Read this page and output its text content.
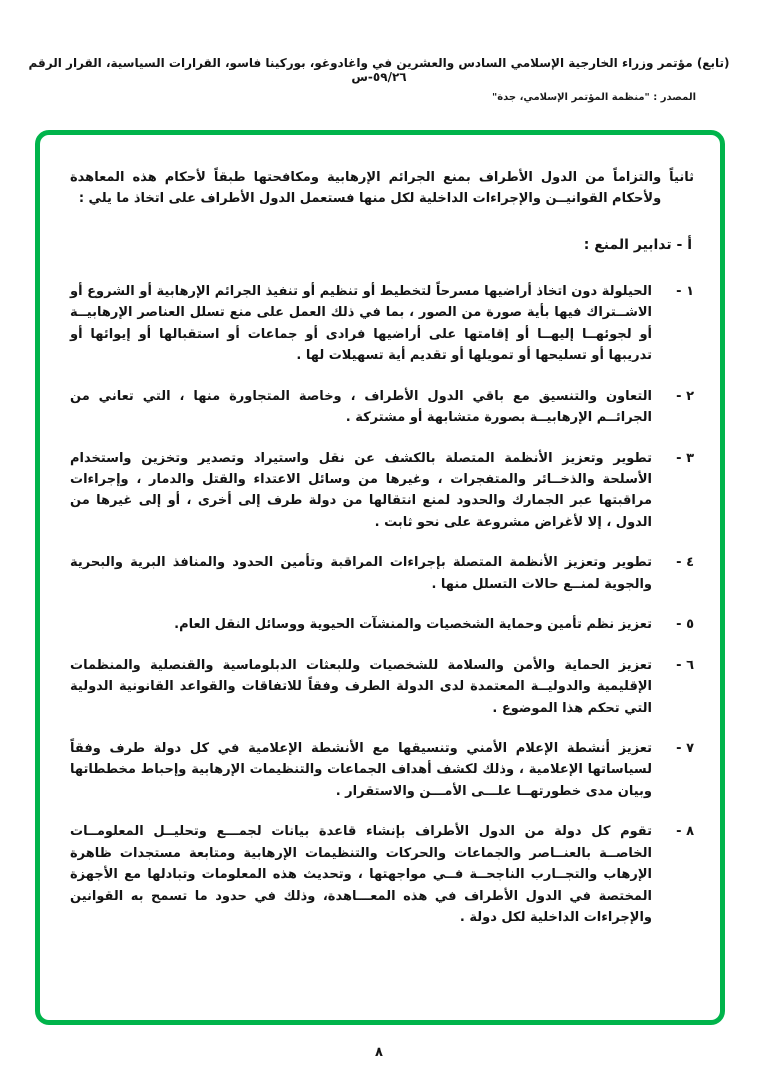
(تابع) مؤتمر وزراء الخارجية الإسلامي السادس والعشرين في واغادوغو، بوركينا فاسو، القرارات السياسية، القرار الرقم ٥٩/٢٦-س
المصدر : "منظمة المؤتمر الإسلامي، جدة"
ثانياً
والتزاماً من الدول الأطراف بمنع الجرائم الإرهابية ومكافحتها طبقاً لأحكام هذه المعاهدة ولأحكام القوانيــن والإجراءات الداخلية لكل منها فستعمل الدول الأطراف على اتخاذ ما يلي :
أ - تدابير المنع :
١ -
الحيلولة دون اتخاذ أراضيها مسرحاً لتخطيط أو تنظيم أو تنفيذ الجرائم الإرهابية أو الشروع أو الاشــتراك فيها بأية صورة من الصور ، بما في ذلك العمل على منع تسلل العناصر الإرهابيــة أو لجوئهــا إليهــا أو إقامتها على أراضيها فرادى أو جماعات أو استقبالها أو إيوائها أو تدريبها أو تسليحها أو تمويلها أو تقديم أية تسهيلات لها .
٢ -
التعاون والتنسيق مع باقي الدول الأطراف ، وخاصة المتجاورة منها ، التي تعاني من الجرائــم الإرهابيــة بصورة متشابهة أو مشتركة .
٣ -
تطوير وتعزيز الأنظمة المتصلة بالكشف عن نقل واستيراد وتصدير وتخزين واستخدام الأسلحة والذخــائر والمتفجرات ، وغيرها من وسائل الاعتداء والقتل والدمار ، وإجراءات مراقبتها عبر الجمارك والحدود لمنع انتقالها من دولة طرف إلى أخرى ، أو إلى غيرها من الدول ، إلا لأغراض مشروعة على نحو ثابت .
٤ -
تطوير وتعزيز الأنظمة المتصلة بإجراءات المراقبة وتأمين الحدود والمنافذ البرية والبحرية والجوية لمنــع حالات التسلل منها .
٥ -
تعزيز نظم تأمين وحماية الشخصيات والمنشآت الحيوية ووسائل النقل العام.
٦ -
تعزيز الحماية والأمن والسلامة للشخصيات وللبعثات الدبلوماسية والقنصلية والمنظمات الإقليمية والدوليــة المعتمدة لدى الدولة الطرف وفقاً للاتفاقات والقواعد القانونية الدولية التي تحكم هذا الموضوع .
٧ -
تعزيز أنشطة الإعلام الأمني وتنسيقها مع الأنشطة الإعلامية في كل دولة طرف وفقاً لسياساتها الإعلامية ، وذلك لكشف أهداف الجماعات والتنظيمات الإرهابية وإحباط مخططاتها وبيان مدى خطورتهــا علـــى الأمـــن والاستقرار .
٨ -
تقوم كل دولة من الدول الأطراف بإنشاء قاعدة بيانات لجمـــع وتحليــل المعلومــات الخاصــة بالعنــاصر والجماعات والحركات والتنظيمات الإرهابية ومتابعة مستجدات ظاهرة الإرهاب والتجــارب الناجحــة فــي مواجهتها ، وتحديث هذه المعلومات وتبادلها مع الأجهزة المختصة في الدول الأطراف في هذه المعـــاهدة، وذلك في حدود ما تسمح به القوانين والإجراءات الداخلية لكل دولة .
٨
